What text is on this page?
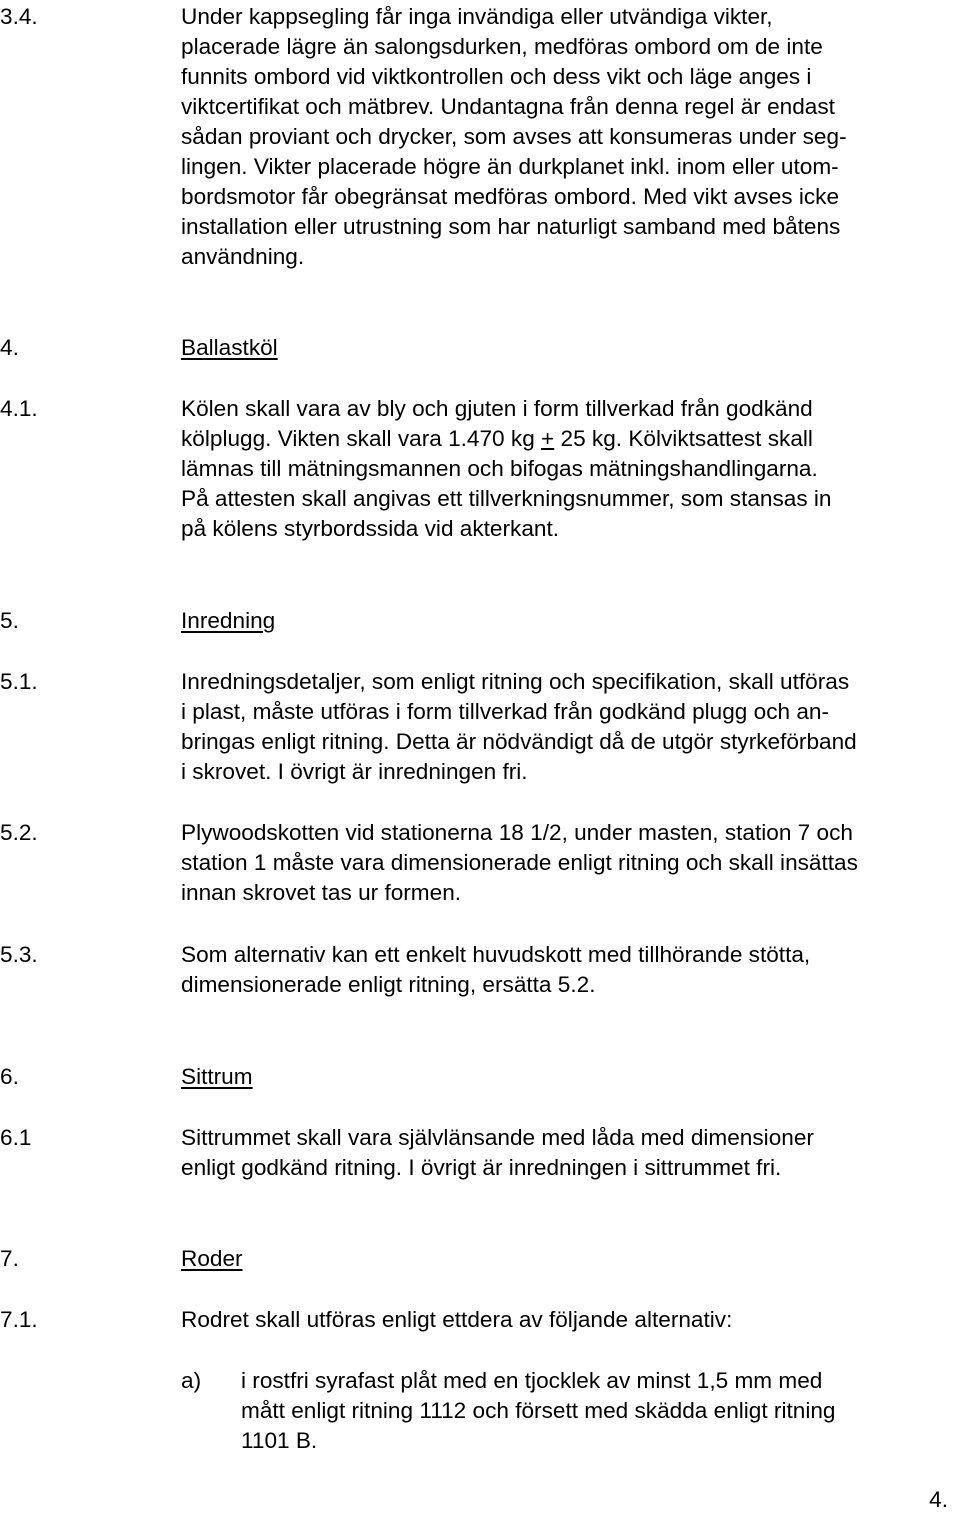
3.4.	Under kappsegling får inga invändiga eller utvändiga vikter,
placerade lägre än salongsdurken, medföras ombord om de inte
funnits ombord vid viktkontrollen och dess vikt och läge anges i
viktcertifikat och mätbrev. Undantagna från denna regel är endast
sådan proviant och drycker, som avses att konsumeras under seg-
lingen. Vikter placerade högre än durkplanet inkl. inom eller utom-
bordsmotor får obegränsat medföras ombord. Med vikt avses icke
installation eller utrustning som har naturligt samband med båtens
användning.
4.	Ballastköl
4.1.	Kölen skall vara av bly och gjuten i form tillverkad från godkänd
kölplugg. Vikten skall vara 1.470 kg + 25 kg. Kölviktsattest skall
lämnas till mätningsmannen och bifogas mätningshandlingarna.
På attesten skall angivas ett tillverkningsnummer, som stansas in
på kölens styrbordssida vid akterkant.
5.	Inredning
5.1.	Inredningsdetaljer, som enligt ritning och specifikation, skall utföras
i plast, måste utföras i form tillverkad från godkänd plugg och an-
bringas enligt ritning. Detta är nödvändigt då de utgör styrkeförband
i skrovet. I övrigt är inredningen fri.
5.2.	Plywoodskotten vid stationerna 18 1/2, under masten, station 7 och
station 1 måste vara dimensionerade enligt ritning och skall insättas
innan skrovet tas ur formen.
5.3.	Som alternativ kan ett enkelt huvudskott med tillhörande stötta,
dimensionerade enligt ritning, ersätta 5.2.
6.	Sittrum
6.1	Sittrummet skall vara självlänsande med låda med dimensioner
enligt godkänd ritning. I övrigt är inredningen i sittrummet fri.
7.	Roder
7.1.	Rodret skall utföras enligt ettdera av följande alternativ:
a) i rostfri syrafast plåt med en tjocklek av minst 1,5 mm med
mått enligt ritning 1112 och försett med skädda enligt ritning
1101 B.
4.
